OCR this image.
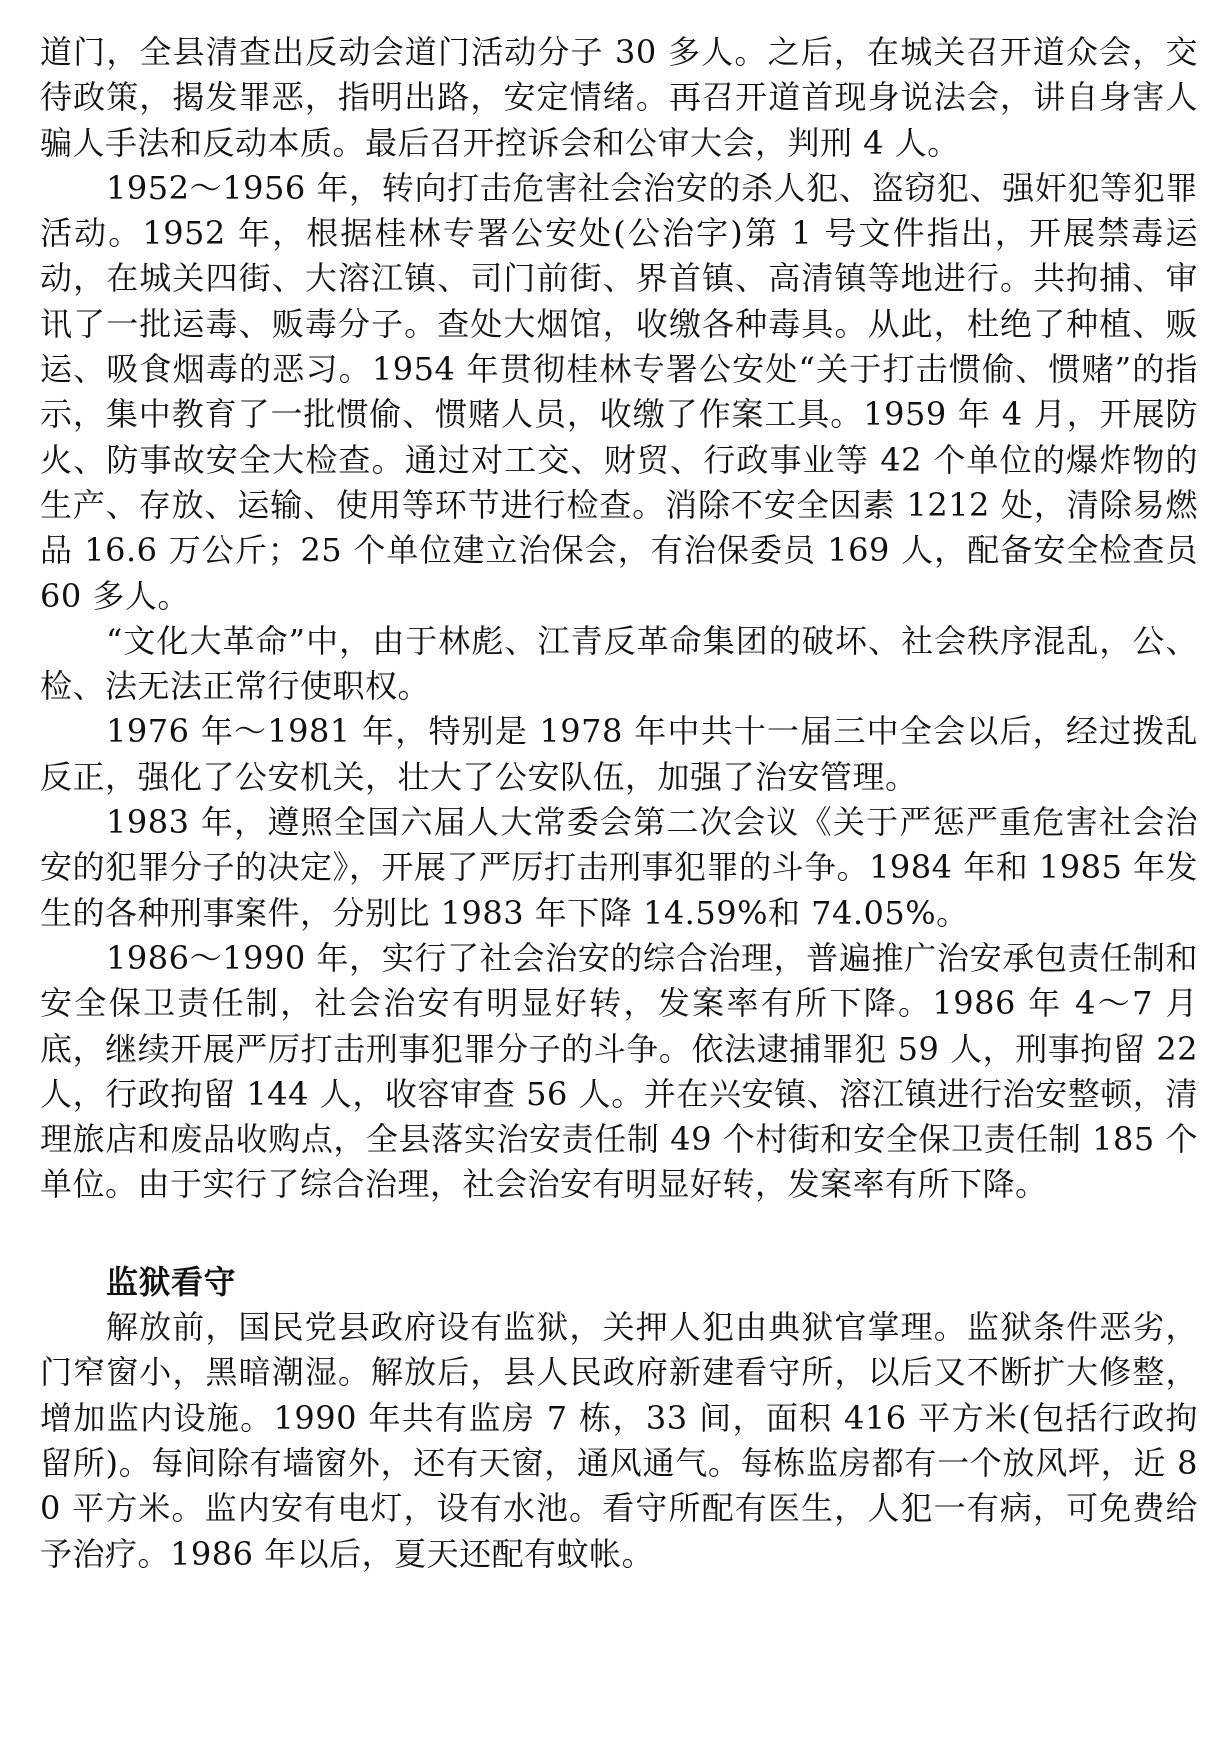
道门，全县清查出反动会道门活动分子 30 多人。之后，在城关召开道众会，交待政策，揭发罪恶，指明出路，安定情绪。再召开道首现身说法会，讲自身害人骗人手法和反动本质。最后召开控诉会和公审大会，判刑 4 人。

1952～1956 年，转向打击危害社会治安的杀人犯、盗窃犯、强奸犯等犯罪活动。1952 年，根据桂林专署公安处(公治字)第 1 号文件指出，开展禁毒运动，在城关四街、大溶江镇、司门前街、界首镇、高清镇等地进行。共拘捕、审讯了一批运毒、贩毒分子。查处大烟馆，收缴各种毒具。从此，杜绝了种植、贩运、吸食烟毒的恶习。1954 年贯彻桂林专署公安处“关于打击惯偷、惯赌”的指示，集中教育了一批惯偷、惯赌人员，收缴了作案工具。1959 年 4 月，开展防火、防事故安全大检查。通过对工交、财贸、行政事业等 42 个单位的爆炸物的生产、存放、运输、使用等环节进行检查。消除不安全因素 1212 处，清除易燃品 16.6 万公斤；25 个单位建立治保会，有治保委员 169 人，配备安全检查员 60 多人。

“文化大革命”中，由于林彪、江青反革命集团的破坏、社会秩序混乱，公、检、法无法正常行使职权。

1976 年～1981 年，特别是 1978 年中共十一届三中全会以后，经过拨乱反正，强化了公安机关，壮大了公安队伍，加强了治安管理。

1983 年，遵照全国六届人大常委会第二次会议《关于严惩严重危害社会治安的犯罪分子的决定》，开展了严厉打击刑事犯罪的斗争。1984 年和 1985 年发生的各种刑事案件，分别比 1983 年下降 14.59%和 74.05%。

1986～1990 年，实行了社会治安的综合治理，普遍推广治安承包责任制和安全保卫责任制，社会治安有明显好转，发案率有所下降。1986 年 4～7 月底，继续开展严厉打击刑事犯罪分子的斗争。依法逮捕罪犯 59 人，刑事拘留 22 人，行政拘留 144 人，收容审查 56 人。并在兴安镇、溶江镇进行治安整顿，清理旅店和废品收购点，全县落实治安责任制 49 个村街和安全保卫责任制 185 个单位。由于实行了综合治理，社会治安有明显好转，发案率有所下降。

监狱看守

解放前，国民党县政府设有监狱，关押人犯由典狱官掌理。监狱条件恶劣，门窄窗小，黑暗潮湿。解放后，县人民政府新建看守所，以后又不断扩大修整，增加监内设施。1990 年共有监房 7 栋，33 间，面积 416 平方米(包括行政拘留所)。每间除有墙窗外，还有天窗，通风通气。每栋监房都有一个放风坪，近 80 平方米。监内安有电灯，设有水池。看守所配有医生，人犯一有病，可免费给予治疗。1986 年以后，夏天还配有蚊帐。
